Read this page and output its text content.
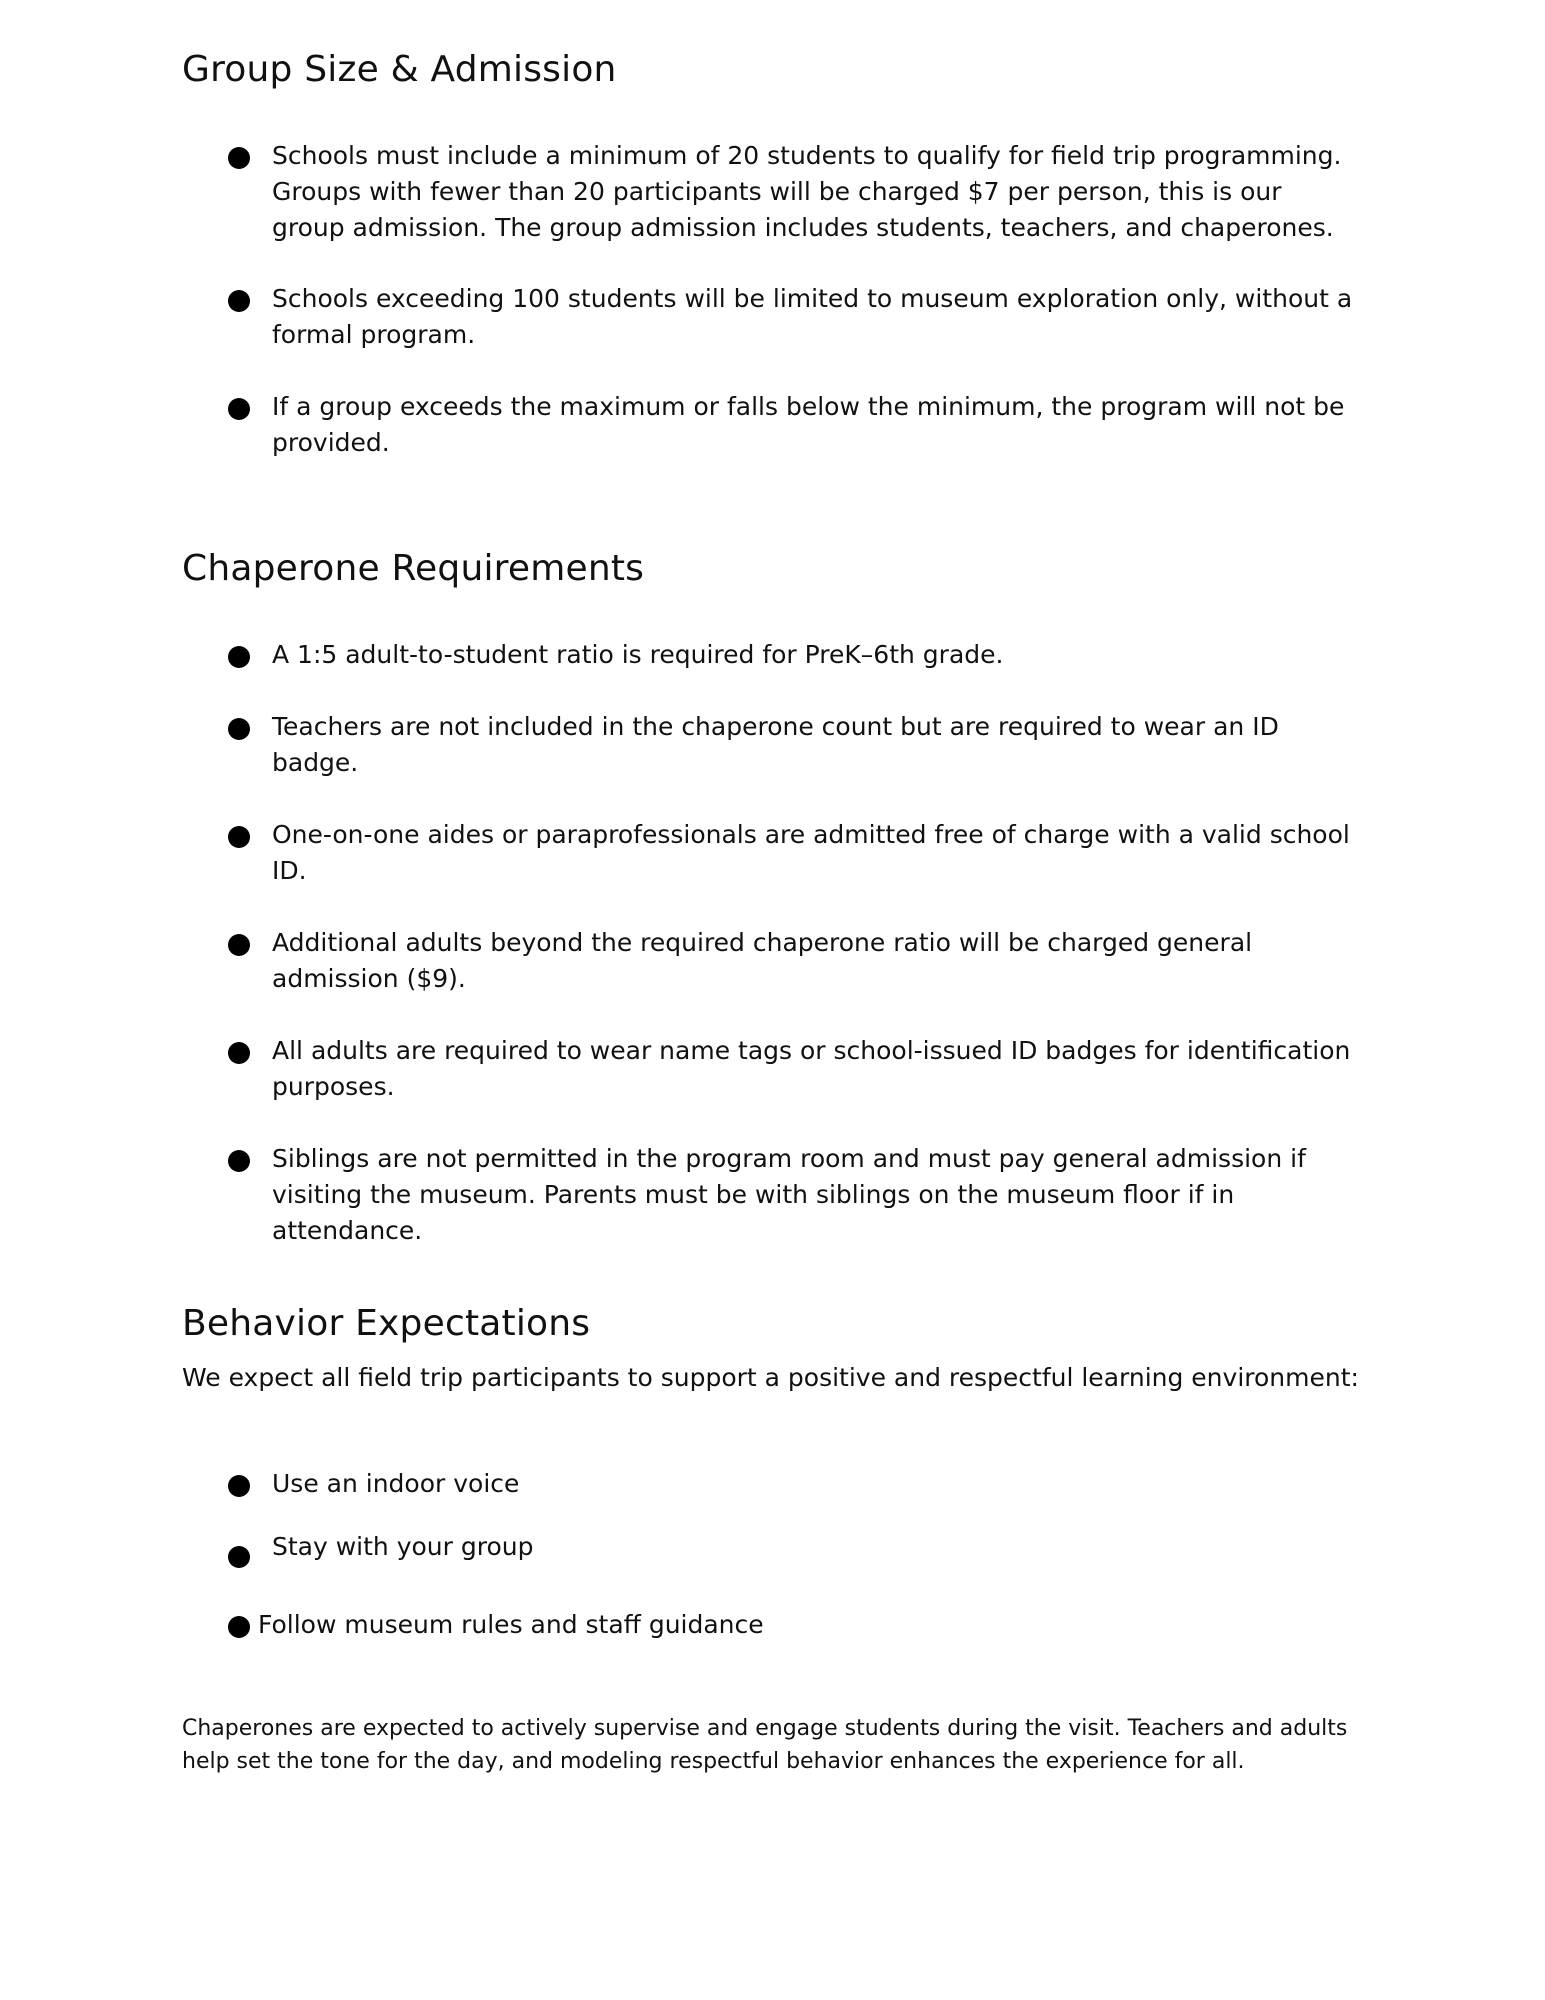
Group Size & Admission
Schools must include a minimum of 20 students to qualify for field trip programming. Groups with fewer than 20 participants will be charged $7 per person, this is our group admission. The group admission includes students, teachers, and chaperones.
Schools exceeding 100 students will be limited to museum exploration only, without a formal program.
If a group exceeds the maximum or falls below the minimum, the program will not be provided.
Chaperone Requirements
A 1:5 adult-to-student ratio is required for PreK–6th grade.
Teachers are not included in the chaperone count but are required to wear an ID badge.
One-on-one aides or paraprofessionals are admitted free of charge with a valid school ID.
Additional adults beyond the required chaperone ratio will be charged general admission ($9).
All adults are required to wear name tags or school-issued ID badges for identification purposes.
Siblings are not permitted in the program room and must pay general admission if visiting the museum. Parents must be with siblings on the museum floor if in attendance.
Behavior Expectations

We expect all field trip participants to support a positive and respectful learning environment:

Use an indoor voice
Stay with your group
Follow museum rules and staff guidance

Chaperones are expected to actively supervise and engage students during the visit. Teachers and adults help set the tone for the day, and modeling respectful behavior enhances the experience for all.
